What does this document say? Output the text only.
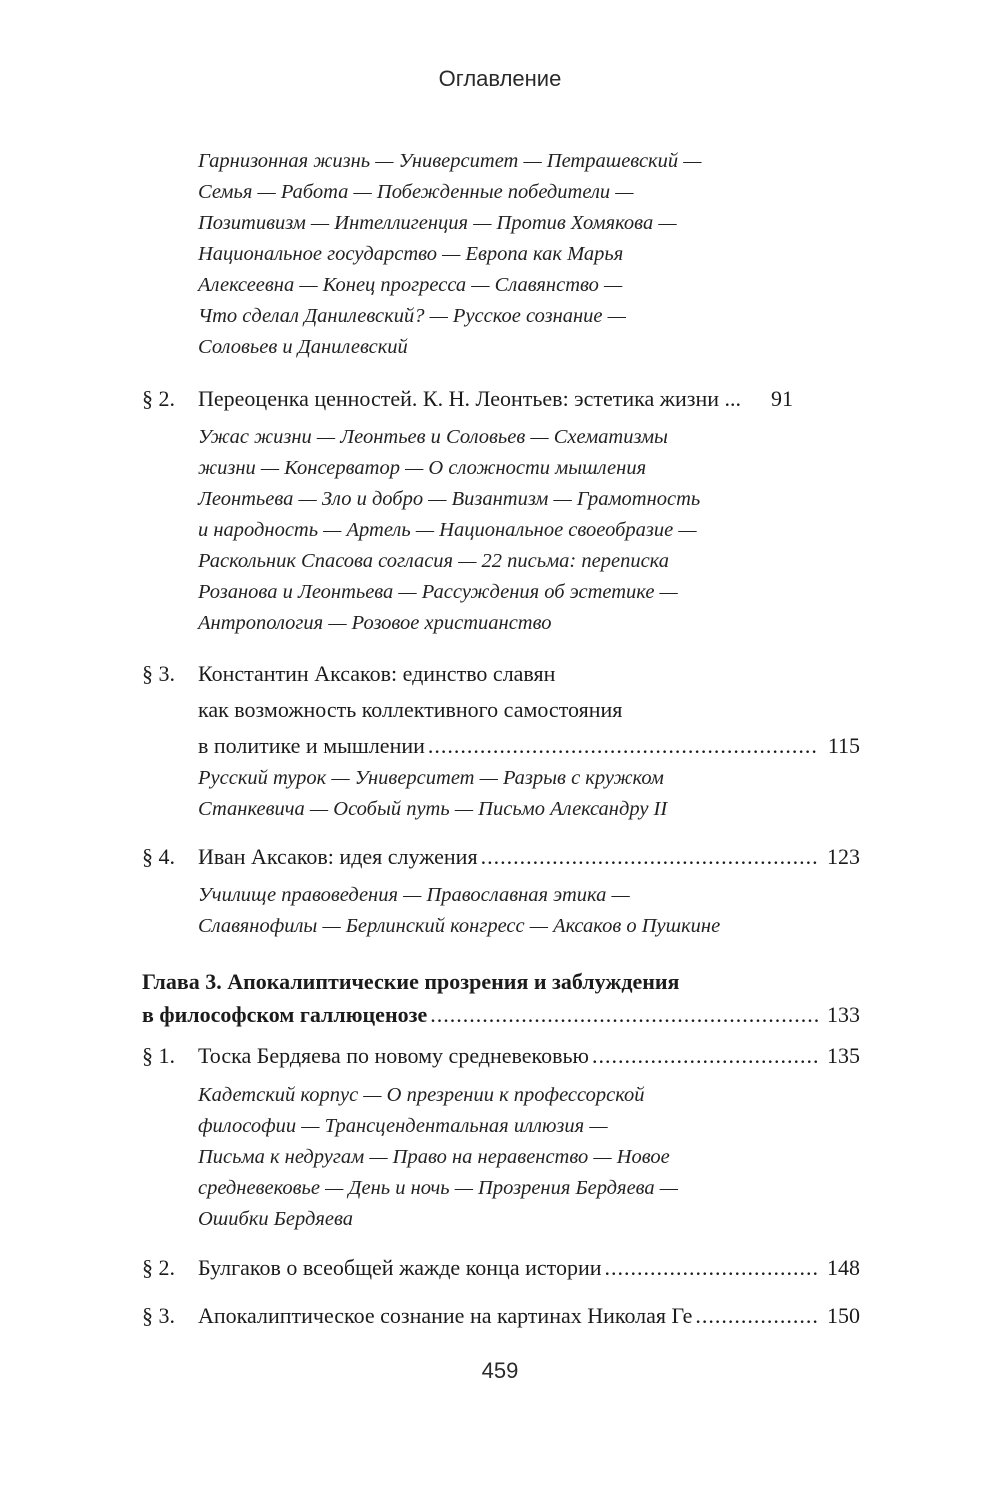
Оглавление
Гарнизонная жизнь — Университет — Петрашевский —
Семья — Работа — Побежденные победители —
Позитивизм — Интеллигенция — Против Хомякова —
Национальное государство — Европа как Марья
Алексеевна — Конец прогресса — Славянство —
Что сделал Данилевский? — Русское сознание —
Соловьев и Данилевский
§ 2. Переоценка ценностей. К. Н. Леонтьев: эстетика жизни ...	91
Ужас жизни — Леонтьев и Соловьев — Схематизмы
жизни — Консерватор — О сложности мышления
Леонтьева — Зло и добро — Византизм — Грамотность
и народность — Артель — Национальное своеобразие —
Раскольник Спасова согласия — 22 письма: переписка
Розанова и Леонтьева — Рассуждения об эстетике —
Антропология — Розовое христианство
§ 3. Константин Аксаков: единство славян
как возможность коллективного самостояния
в политике и мышлении .....	115
Русский турок — Университет — Разрыв с кружком
Станкевича — Особый путь — Письмо Александру II
§ 4. Иван Аксаков: идея служения .....	123
Училище правоведения — Православная этика —
Славянофилы — Берлинский конгресс — Аксаков о Пушкине
Глава 3. Апокалиптические прозрения и заблуждения
в философском галлюценозе .....	133
§ 1. Тоска Бердяева по новому средневековью .....	135
Кадетский корпус — О презрении к профессорской
философии — Трансцендентальная иллюзия —
Письма к недругам — Право на неравенство — Новое
средневековье — День и ночь — Прозрения Бердяева —
Ошибки Бердяева
§ 2. Булгаков о всеобщей жажде конца истории .....	148
§ 3. Апокалиптическое сознание на картинах Николая Ге .....	150
459
